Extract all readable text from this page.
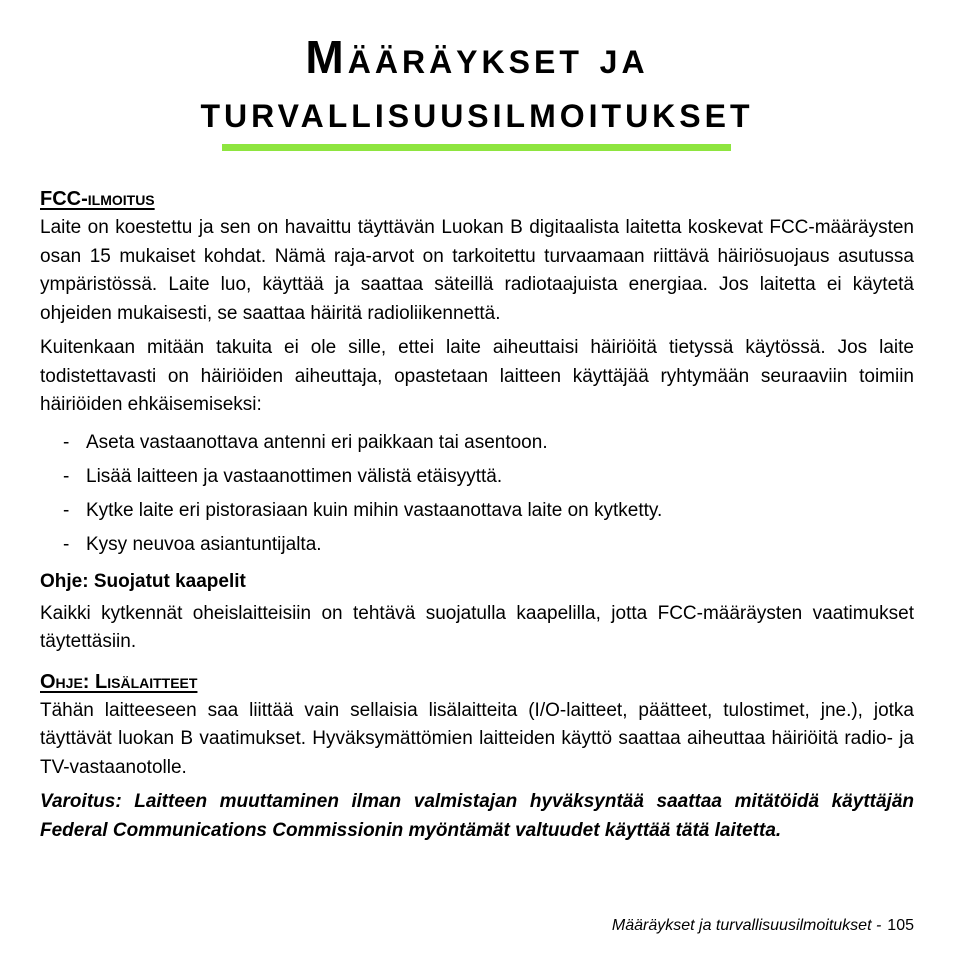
Määräykset ja
turvallisuusilmoitukset
FCC-ilmoitus

Laite on koestettu ja sen on havaittu täyttävän Luokan B digitaalista laitetta koskevat FCC-määräysten osan 15 mukaiset kohdat. Nämä raja-arvot on tarkoitettu turvaamaan riittävä häiriösuojaus asutussa ympäristössä. Laite luo, käyttää ja saattaa säteillä radiotaajuista energiaa. Jos laitetta ei käytetä ohjeiden mukaisesti, se saattaa häiritä radioliikennettä.

Kuitenkaan mitään takuita ei ole sille, ettei laite aiheuttaisi häiriöitä tietyssä käytössä. Jos laite todistettavasti on häiriöiden aiheuttaja, opastetaan laitteen käyttäjää ryhtymään seuraaviin toimiin häiriöiden ehkäisemiseksi:

- Aseta vastaanottava antenni eri paikkaan tai asentoon.
- Lisää laitteen ja vastaanottimen välistä etäisyyttä.
- Kytke laite eri pistorasiaan kuin mihin vastaanottava laite on kytketty.
- Kysy neuvoa asiantuntijalta.
Ohje: Suojatut kaapelit

Kaikki kytkennät oheislaitteisiin on tehtävä suojatulla kaapelilla, jotta FCC-määräysten vaatimukset täytettäsiin.

Ohje: Lisälaitteet

Tähän laitteeseen saa liittää vain sellaisia lisälaitteita (I/O-laitteet, päätteet, tulostimet, jne.), jotka täyttävät luokan B vaatimukset. Hyväksymättömien laitteiden käyttö saattaa aiheuttaa häiriöitä radio- ja TV-vastaanotolle.

Varoitus: Laitteen muuttaminen ilman valmistajan hyväksyntää saattaa mitätöidä käyttäjän Federal Communications Commissionin myöntämät valtuudet käyttää tätä laitetta.

Määräykset ja turvallisuusilmoitukset - 105
